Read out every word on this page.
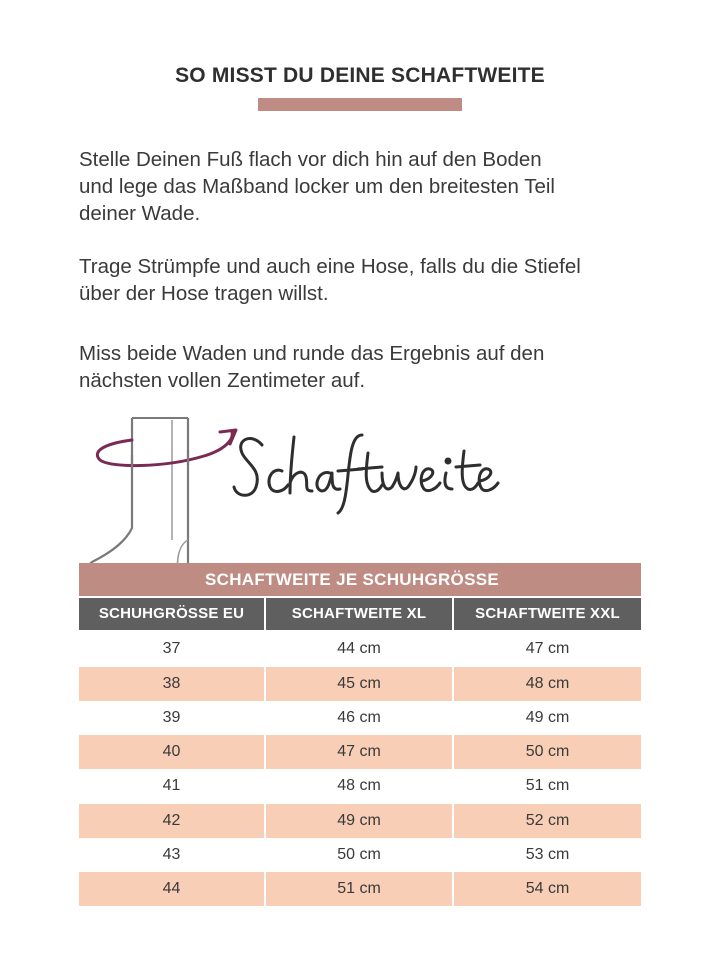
SO MISST DU DEINE SCHAFTWEITE
Stelle Deinen Fuß flach vor dich hin auf den Boden
und lege das Maßband locker um den breitesten Teil
deiner Wade.
Trage Strümpfe und auch eine Hose, falls du die Stiefel
über der Hose tragen willst.
Miss beide Waden und runde das Ergebnis auf den
nächsten vollen Zentimeter auf.
SCHAFTWEITE JE SCHUHGRÖSSE
SCHUHGRÖSSE EU	SCHAFTWEITE XL	SCHAFTWEITE XXL
37	44 cm	47 cm
38	45 cm	48 cm
39	46 cm	49 cm
40	47 cm	50 cm
41	48 cm	51 cm
42	49 cm	52 cm
43	50 cm	53 cm
44	51 cm	54 cm
